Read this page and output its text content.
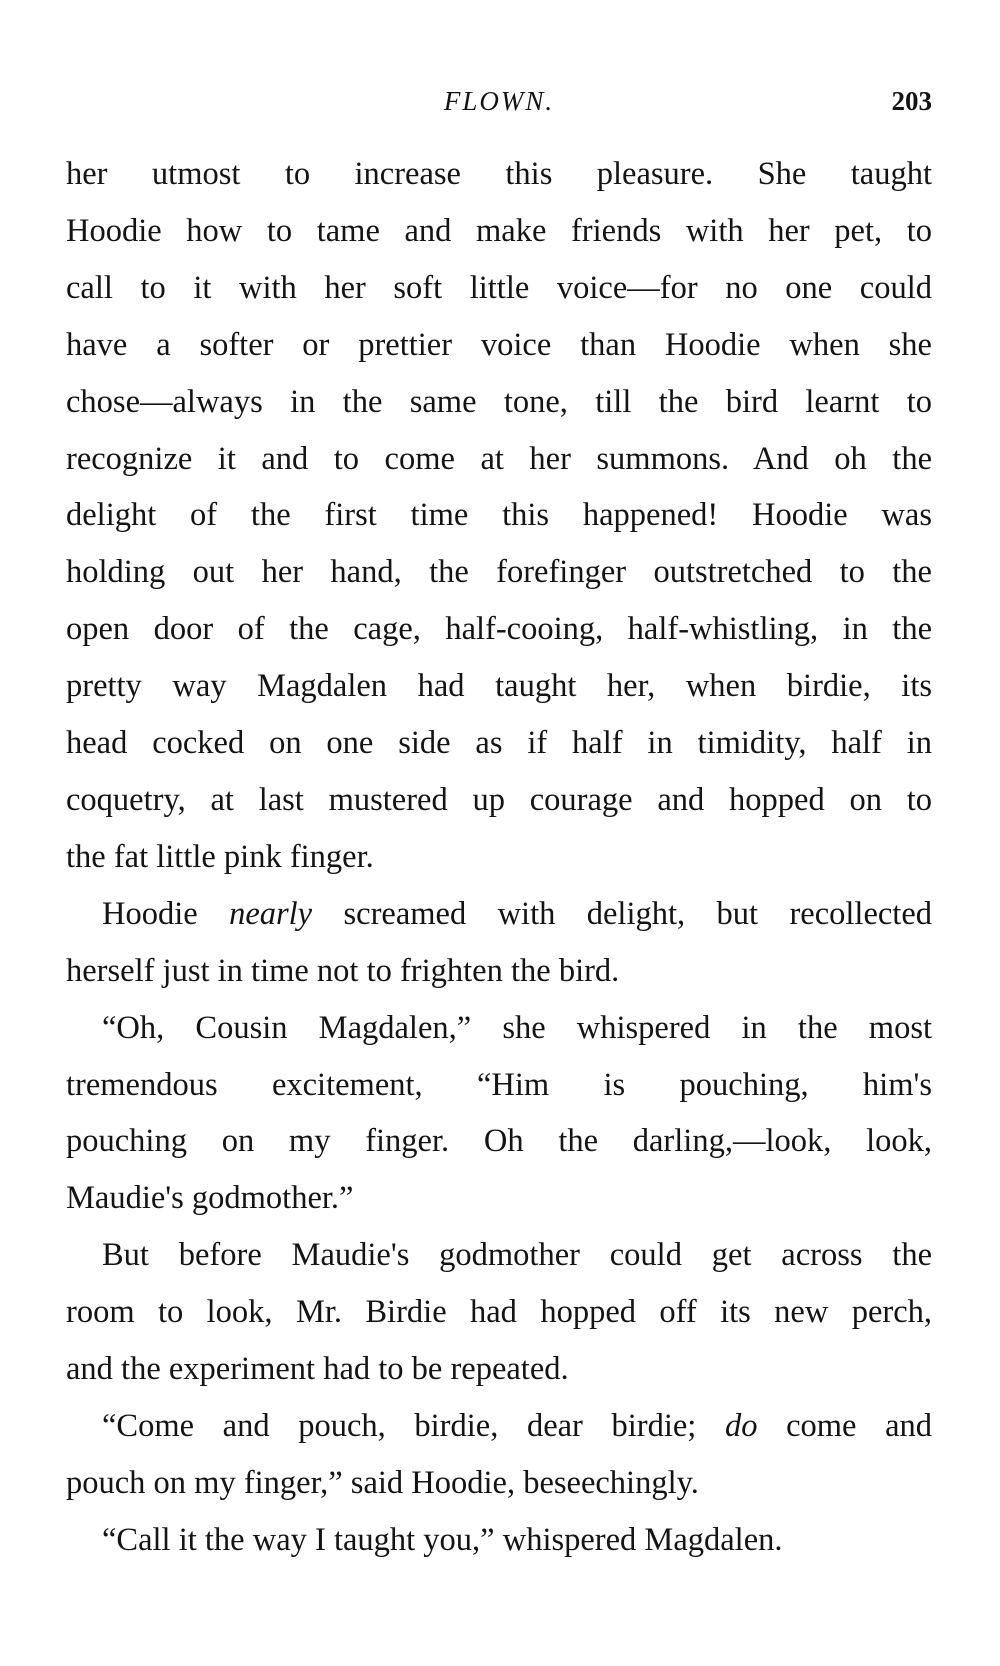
FLOWN.	203
her utmost to increase this pleasure. She taught
Hoodie how to tame and make friends with her pet, to
call to it with her soft little voice—for no one could
have a softer or prettier voice than Hoodie when she
chose—always in the same tone, till the bird learnt to
recognize it and to come at her summons. And oh the
delight of the first time this happened! Hoodie was
holding out her hand, the forefinger outstretched to the
open door of the cage, half-cooing, half-whistling, in the
pretty way Magdalen had taught her, when birdie, its
head cocked on one side as if half in timidity, half in
coquetry, at last mustered up courage and hopped on to
the fat little pink finger.
Hoodie nearly screamed with delight, but recollected
herself just in time not to frighten the bird.
“Oh, Cousin Magdalen,” she whispered in the most
tremendous excitement, “Him is pouching, him's
pouching on my finger. Oh the darling,—look, look,
Maudie's godmother.”
But before Maudie's godmother could get across the
room to look, Mr. Birdie had hopped off its new perch,
and the experiment had to be repeated.
“Come and pouch, birdie, dear birdie; do come and
pouch on my finger,” said Hoodie, beseechingly.
“Call it the way I taught you,” whispered Magdalen.
